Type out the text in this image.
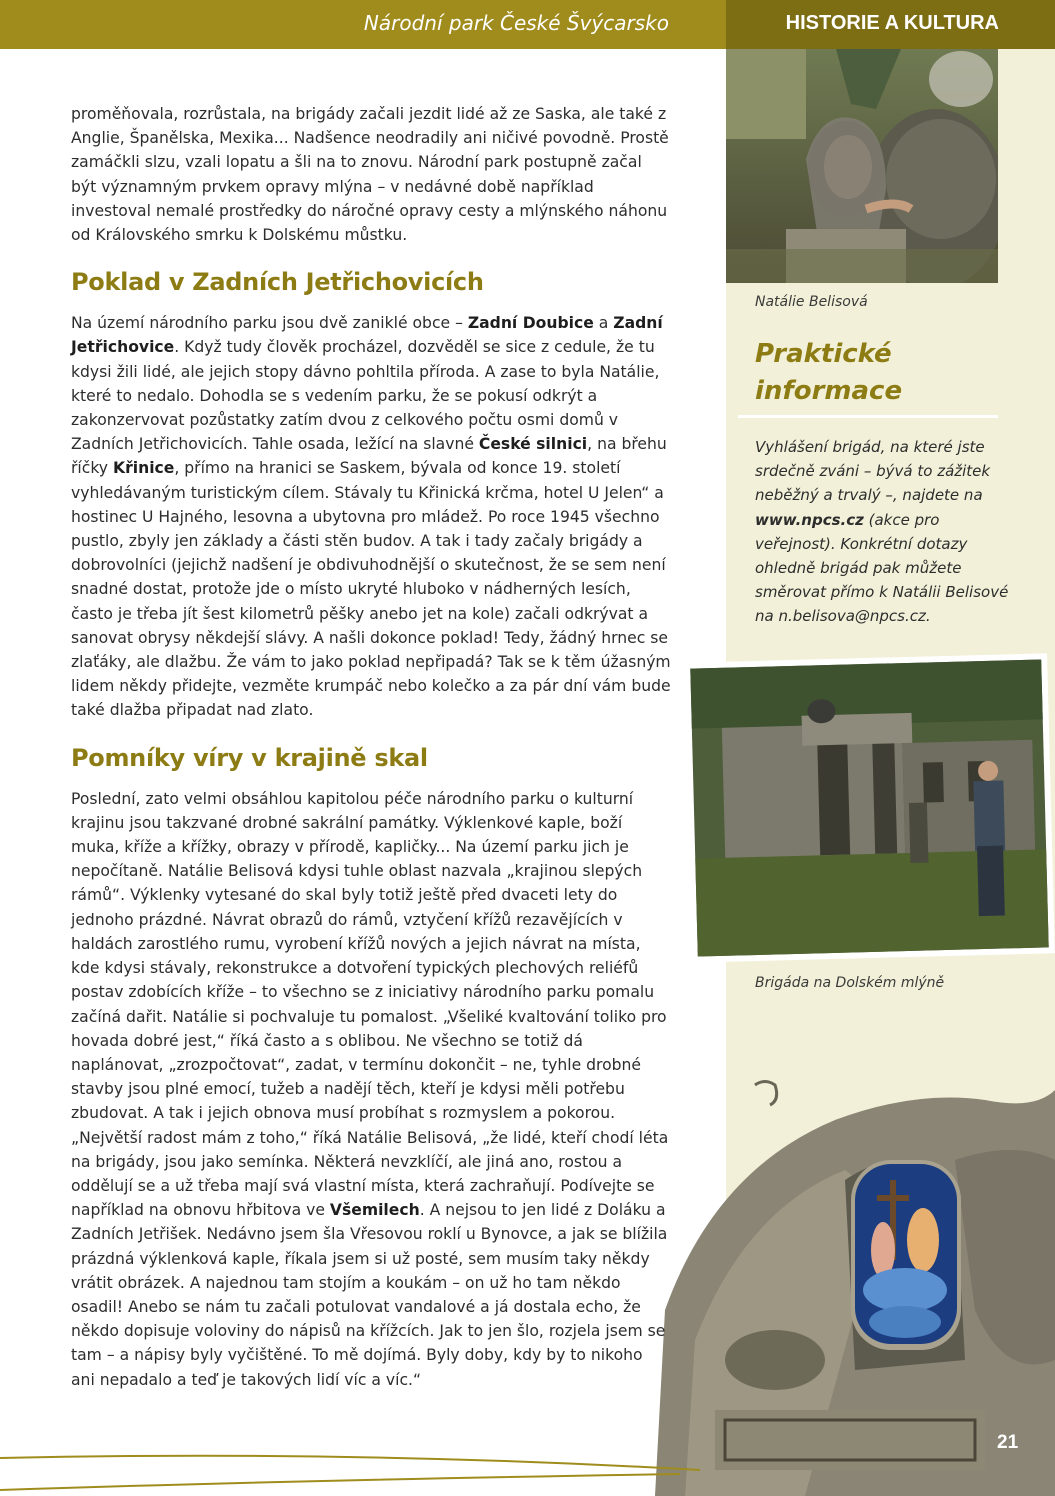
Národní park České Švýcarsko	HISTORIE A KULTURA
Natálie Belisová
Praktické informace
Vyhlášení brigád, na které jste srdečně zváni – bývá to zážitek neběžný a trvalý –, najdete na www.npcs.cz (akce pro veřejnost). Konkrétní dotazy ohledně brigád pak můžete směrovat přímo k Natálii Belisové na n.belisova@npcs.cz.
Brigáda na Dolském mlýně

proměňovala, rozrůstala, na brigády začali jezdit lidé až ze Saska, ale také z Anglie, Španělska, Mexika... Nadšence neodradily ani ničivé povodně. Prostě zamáčkli slzu, vzali lopatu a šli na to znovu. Národní park postupně začal být významným prvkem opravy mlýna – v nedávné době například investoval nemalé prostředky do náročné opravy cesty a mlýnského náhonu od Královského smrku k Dolskému můstku.

Poklad v Zadních Jetřichovicích

Na území národního parku jsou dvě zaniklé obce – Zadní Doubice a Zadní Jetřichovice. Když tudy člověk procházel, dozvěděl se sice z cedule, že tu kdysi žili lidé, ale jejich stopy dávno pohltila příroda. A zase to byla Natálie, které to nedalo. Dohodla se s vedením parku, že se pokusí odkrýt a zakonzervovat pozůstatky zatím dvou z celkového počtu osmi domů v Zadních Jetřichovicích. Tahle osada, ležící na slavné České silnici, na břehu říčky Křinice, přímo na hranici se Saskem, bývala od konce 19. století vyhledávaným turistickým cílem. Stávaly tu Křinická krčma, hotel U Jelen“ a hostinec U Hajného, lesovna a ubytovna pro mládež. Po roce 1945 všechno pustlo, zbyly jen základy a části stěn budov. A tak i tady začaly brigády a dobrovolníci (jejichž nadšení je obdivuhodnější o skutečnost, že se sem není snadné dostat, protože jde o místo ukryté hluboko v nádherných lesích, často je třeba jít šest kilometrů pěšky anebo jet na kole) začali odkrývat a sanovat obrysy někdejší slávy. A našli dokonce poklad! Tedy, žádný hrnec se zlaťáky, ale dlažbu. Že vám to jako poklad nepřipadá? Tak se k těm úžasným lidem někdy přidejte, vezměte krumpáč nebo kolečko a za pár dní vám bude také dlažba připadat nad zlato.

Pomníky víry v krajině skal

Poslední, zato velmi obsáhlou kapitolou péče národního parku o kulturní krajinu jsou takzvané drobné sakrální památky. Výklenkové kaple, boží muka, kříže a křížky, obrazy v přírodě, kapličky... Na území parku jich je nepočítaně. Natálie Belisová kdysi tuhle oblast nazvala „krajinou slepých rámů“. Výklenky vytesané do skal byly totiž ještě před dvaceti lety do jednoho prázdné. Návrat obrazů do rámů, vztyčení křížů rezavějících v haldách zarostlého rumu, vyrobení křížů nových a jejich návrat na místa, kde kdysi stávaly, rekonstrukce a dotvoření typických plechových reliéfů postav zdobících kříže – to všechno se z iniciativy národního parku pomalu začíná dařit. Natálie si pochvaluje tu pomalost. „Všeliké kvaltování toliko pro hovada dobré jest,“ říká často a s oblibou. Ne všechno se totiž dá naplánovat, „zrozpočtovat“, zadat, v termínu dokončit – ne, tyhle drobné stavby jsou plné emocí, tužeb a nadějí těch, kteří je kdysi měli potřebu zbudovat. A tak i jejich obnova musí probíhat s rozmyslem a pokorou. „Největší radost mám z toho,“ říká Natálie Belisová, „že lidé, kteří chodí léta na brigády, jsou jako semínka. Některá nevzklíčí, ale jiná ano, rostou a oddělují se a už třeba mají svá vlastní místa, která zachraňují. Podívejte se například na obnovu hřbitova ve Všemilech. A nejsou to jen lidé z Doláku a Zadních Jetřišek. Nedávno jsem šla Vřesovou roklí u Bynovce, a jak se blížila prázdná výklenková kaple, říkala jsem si už posté, sem musím taky někdy vrátit obrázek. A najednou tam stojím a koukám – on už ho tam někdo osadil! Anebo se nám tu začali potulovat vandalové a já dostala echo, že někdo dopisuje voloviny do nápisů na křížcích. Jak to jen šlo, rozjela jsem se tam – a nápisy byly vyčištěné. To mě dojímá. Byly doby, kdy by to nikoho ani nepadalo a teď je takových lidí víc a víc.“

21
